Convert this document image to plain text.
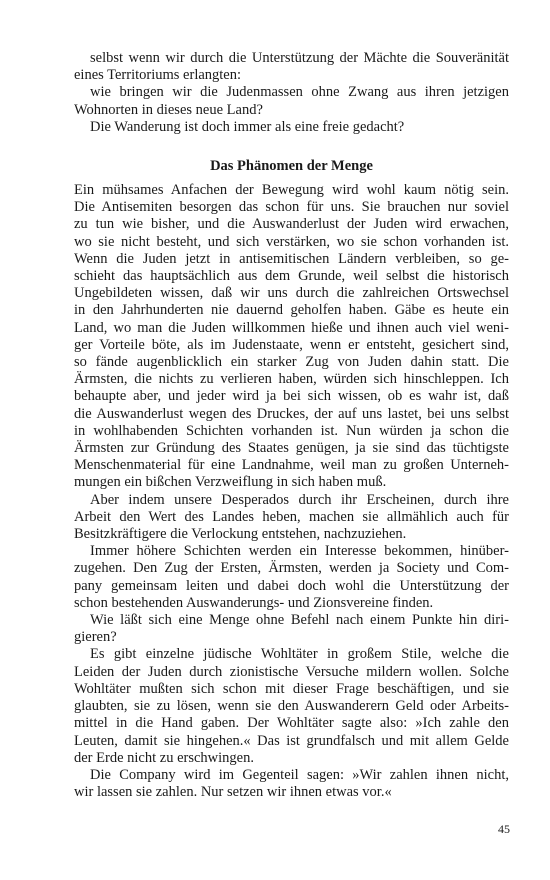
selbst wenn wir durch die Unterstützung der Mächte die Souveränität
eines Territoriums erlangten:
wie bringen wir die Judenmassen ohne Zwang aus ihren jetzigen
Wohnorten in dieses neue Land?
Die Wanderung ist doch immer als eine freie gedacht?
Das Phänomen der Menge
Ein mühsames Anfachen der Bewegung wird wohl kaum nötig sein.
Die Antisemiten besorgen das schon für uns. Sie brauchen nur soviel
zu tun wie bisher, und die Auswanderlust der Juden wird erwachen,
wo sie nicht besteht, und sich verstärken, wo sie schon vorhanden ist.
Wenn die Juden jetzt in antisemitischen Ländern verbleiben, so ge-
schieht das hauptsächlich aus dem Grunde, weil selbst die historisch
Ungebildeten wissen, daß wir uns durch die zahlreichen Ortswechsel
in den Jahrhunderten nie dauernd geholfen haben. Gäbe es heute ein
Land, wo man die Juden willkommen hieße und ihnen auch viel weni-
ger Vorteile böte, als im Judenstaate, wenn er entsteht, gesichert sind,
so fände augenblicklich ein starker Zug von Juden dahin statt. Die
Ärmsten, die nichts zu verlieren haben, würden sich hinschleppen. Ich
behaupte aber, und jeder wird ja bei sich wissen, ob es wahr ist, daß
die Auswanderlust wegen des Druckes, der auf uns lastet, bei uns selbst
in wohlhabenden Schichten vorhanden ist. Nun würden ja schon die
Ärmsten zur Gründung des Staates genügen, ja sie sind das tüchtigste
Menschenmaterial für eine Landnahme, weil man zu großen Unterneh-
mungen ein bißchen Verzweiflung in sich haben muß.
Aber indem unsere Desperados durch ihr Erscheinen, durch ihre
Arbeit den Wert des Landes heben, machen sie allmählich auch für
Besitzkräftigere die Verlockung entstehen, nachzuziehen.
Immer höhere Schichten werden ein Interesse bekommen, hinüber-
zugehen. Den Zug der Ersten, Ärmsten, werden ja Society und Com-
pany gemeinsam leiten und dabei doch wohl die Unterstützung der
schon bestehenden Auswanderungs- und Zionsvereine finden.
Wie läßt sich eine Menge ohne Befehl nach einem Punkte hin diri-
gieren?
Es gibt einzelne jüdische Wohltäter in großem Stile, welche die
Leiden der Juden durch zionistische Versuche mildern wollen. Solche
Wohltäter mußten sich schon mit dieser Frage beschäftigen, und sie
glaubten, sie zu lösen, wenn sie den Auswanderern Geld oder Arbeits-
mittel in die Hand gaben. Der Wohltäter sagte also: »Ich zahle den
Leuten, damit sie hingehen.« Das ist grundfalsch und mit allem Gelde
der Erde nicht zu erschwingen.
Die Company wird im Gegenteil sagen: »Wir zahlen ihnen nicht,
wir lassen sie zahlen. Nur setzen wir ihnen etwas vor.«
45
